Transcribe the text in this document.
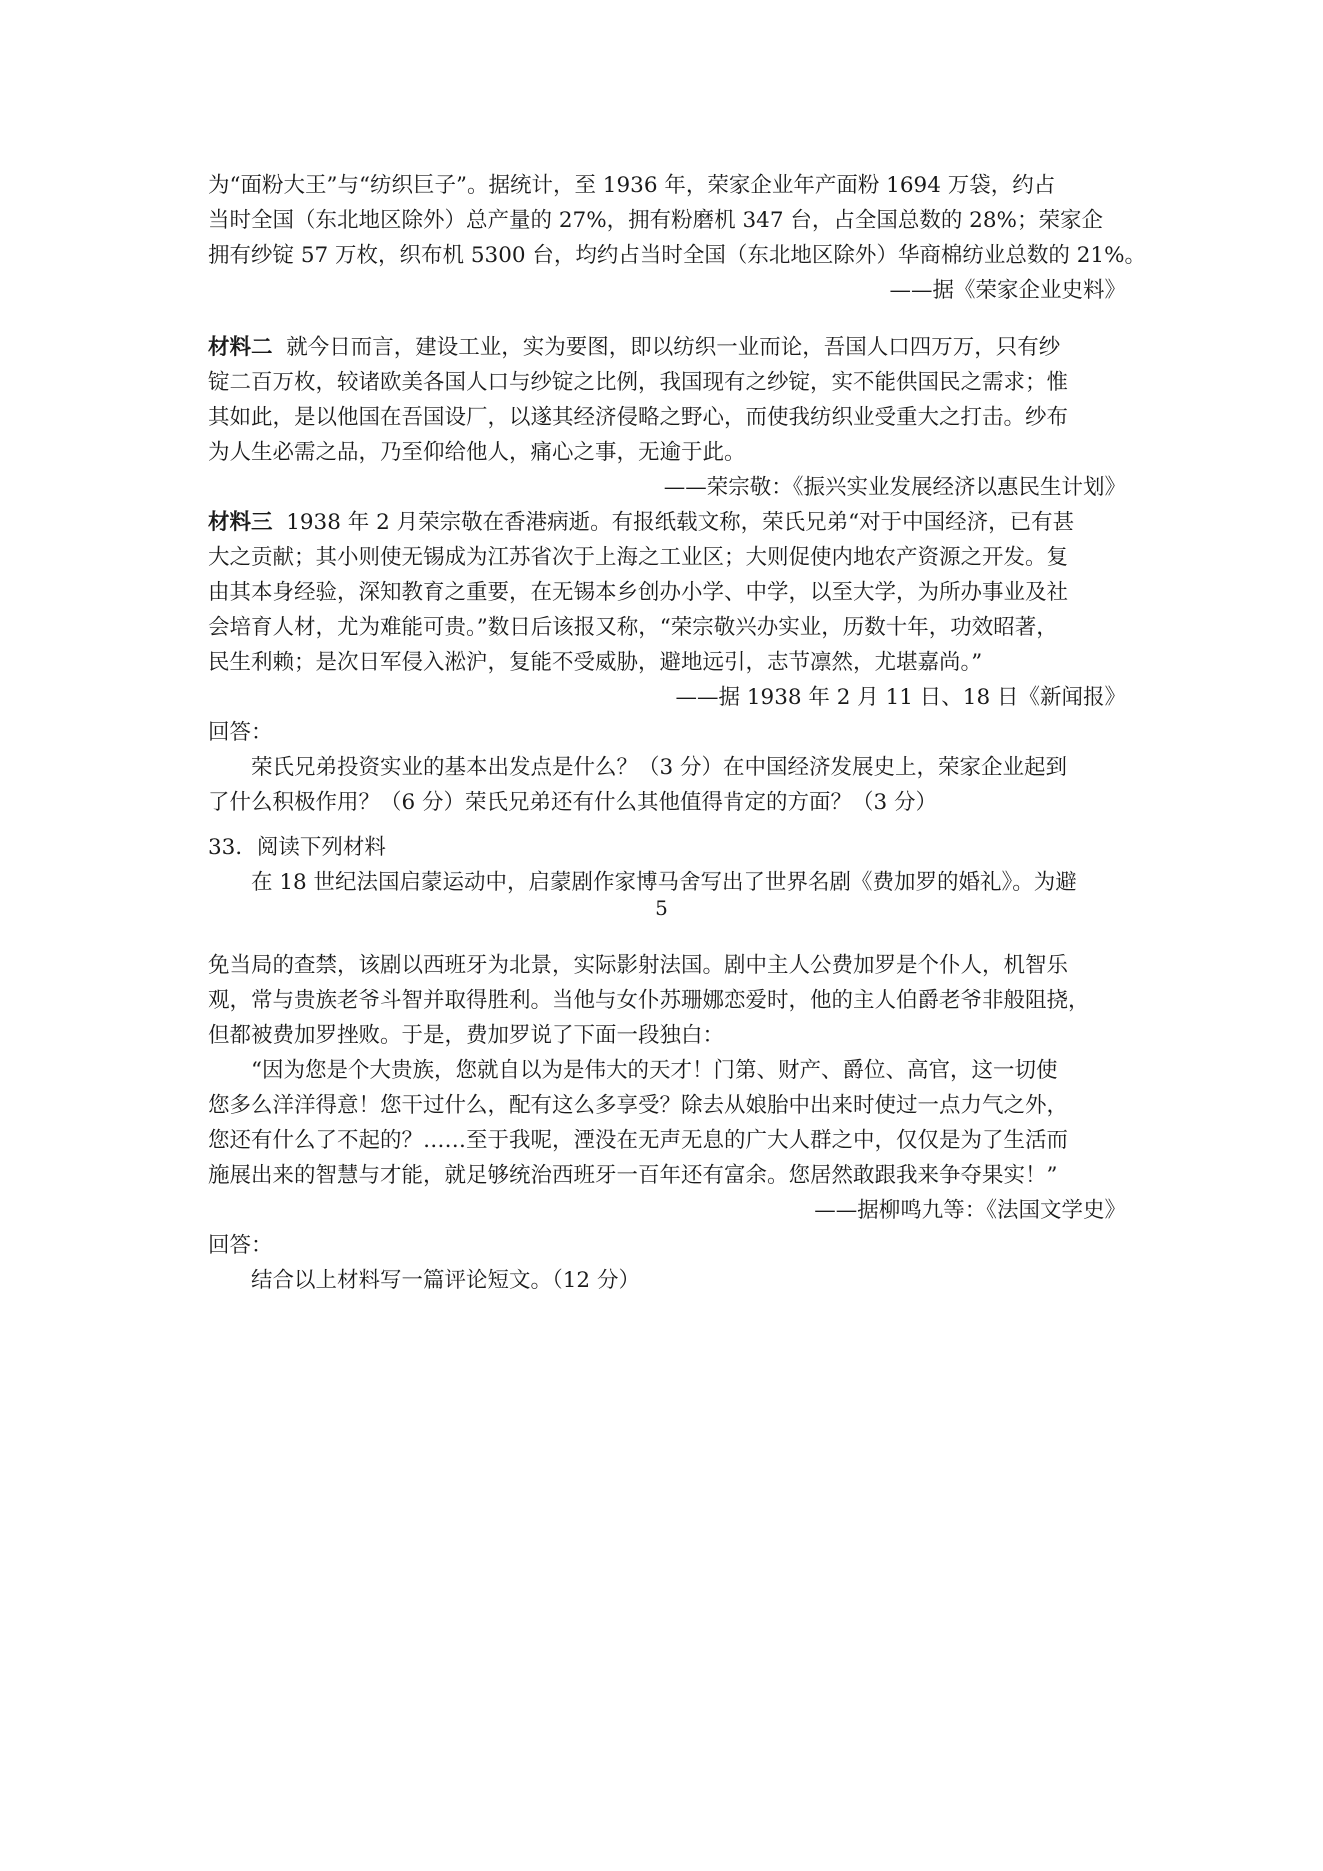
为“面粉大王”与“纺织巨子”。据统计，至 1936 年，荣家企业年产面粉 1694 万袋，约占
当时全国（东北地区除外）总产量的 27%，拥有粉磨机 347 台，占全国总数的 28%；荣家企
拥有纱锭 57 万枚，织布机 5300 台，均约占当时全国（东北地区除外）华商棉纺业总数的 21%。
——据《荣家企业史料》
材料二 就今日而言，建设工业，实为要图，即以纺织一业而论，吾国人口四万万，只有纱
锭二百万枚，较诸欧美各国人口与纱锭之比例，我国现有之纱锭，实不能供国民之需求；惟
其如此，是以他国在吾国设厂，以遂其经济侵略之野心，而使我纺织业受重大之打击。纱布
为人生必需之品，乃至仰给他人，痛心之事，无逾于此。
——荣宗敬：《振兴实业发展经济以惠民生计划》
材料三 1938 年 2 月荣宗敬在香港病逝。有报纸载文称，荣氏兄弟“对于中国经济，已有甚
大之贡献；其小则使无锡成为江苏省次于上海之工业区；大则促使内地农产资源之开发。复
由其本身经验，深知教育之重要，在无锡本乡创办小学、中学，以至大学，为所办事业及社
会培育人材，尤为难能可贵。”数日后该报又称，“荣宗敬兴办实业，历数十年，功效昭著，
民生利赖；是次日军侵入淞沪，复能不受威胁，避地远引，志节凛然，尤堪嘉尚。”
——据 1938 年 2 月 11 日、18 日《新闻报》
回答：
荣氏兄弟投资实业的基本出发点是什么？（3 分）在中国经济发展史上，荣家企业起到
了什么积极作用？（6 分）荣氏兄弟还有什么其他值得肯定的方面？（3 分）
33．阅读下列材料
在 18 世纪法国启蒙运动中，启蒙剧作家博马舍写出了世界名剧《费加罗的婚礼》。为避
5
免当局的查禁，该剧以西班牙为北景，实际影射法国。剧中主人公费加罗是个仆人，机智乐
观，常与贵族老爷斗智并取得胜利。当他与女仆苏珊娜恋爱时，他的主人伯爵老爷非般阻挠，
但都被费加罗挫败。于是，费加罗说了下面一段独白：
“因为您是个大贵族，您就自以为是伟大的天才！门第、财产、爵位、高官，这一切使
您多么洋洋得意！您干过什么，配有这么多享受？除去从娘胎中出来时使过一点力气之外，
您还有什么了不起的？……至于我呢，湮没在无声无息的广大人群之中，仅仅是为了生活而
施展出来的智慧与才能，就足够统治西班牙一百年还有富余。您居然敢跟我来争夺果实！”
——据柳鸣九等：《法国文学史》
回答：
结合以上材料写一篇评论短文。（12 分）
